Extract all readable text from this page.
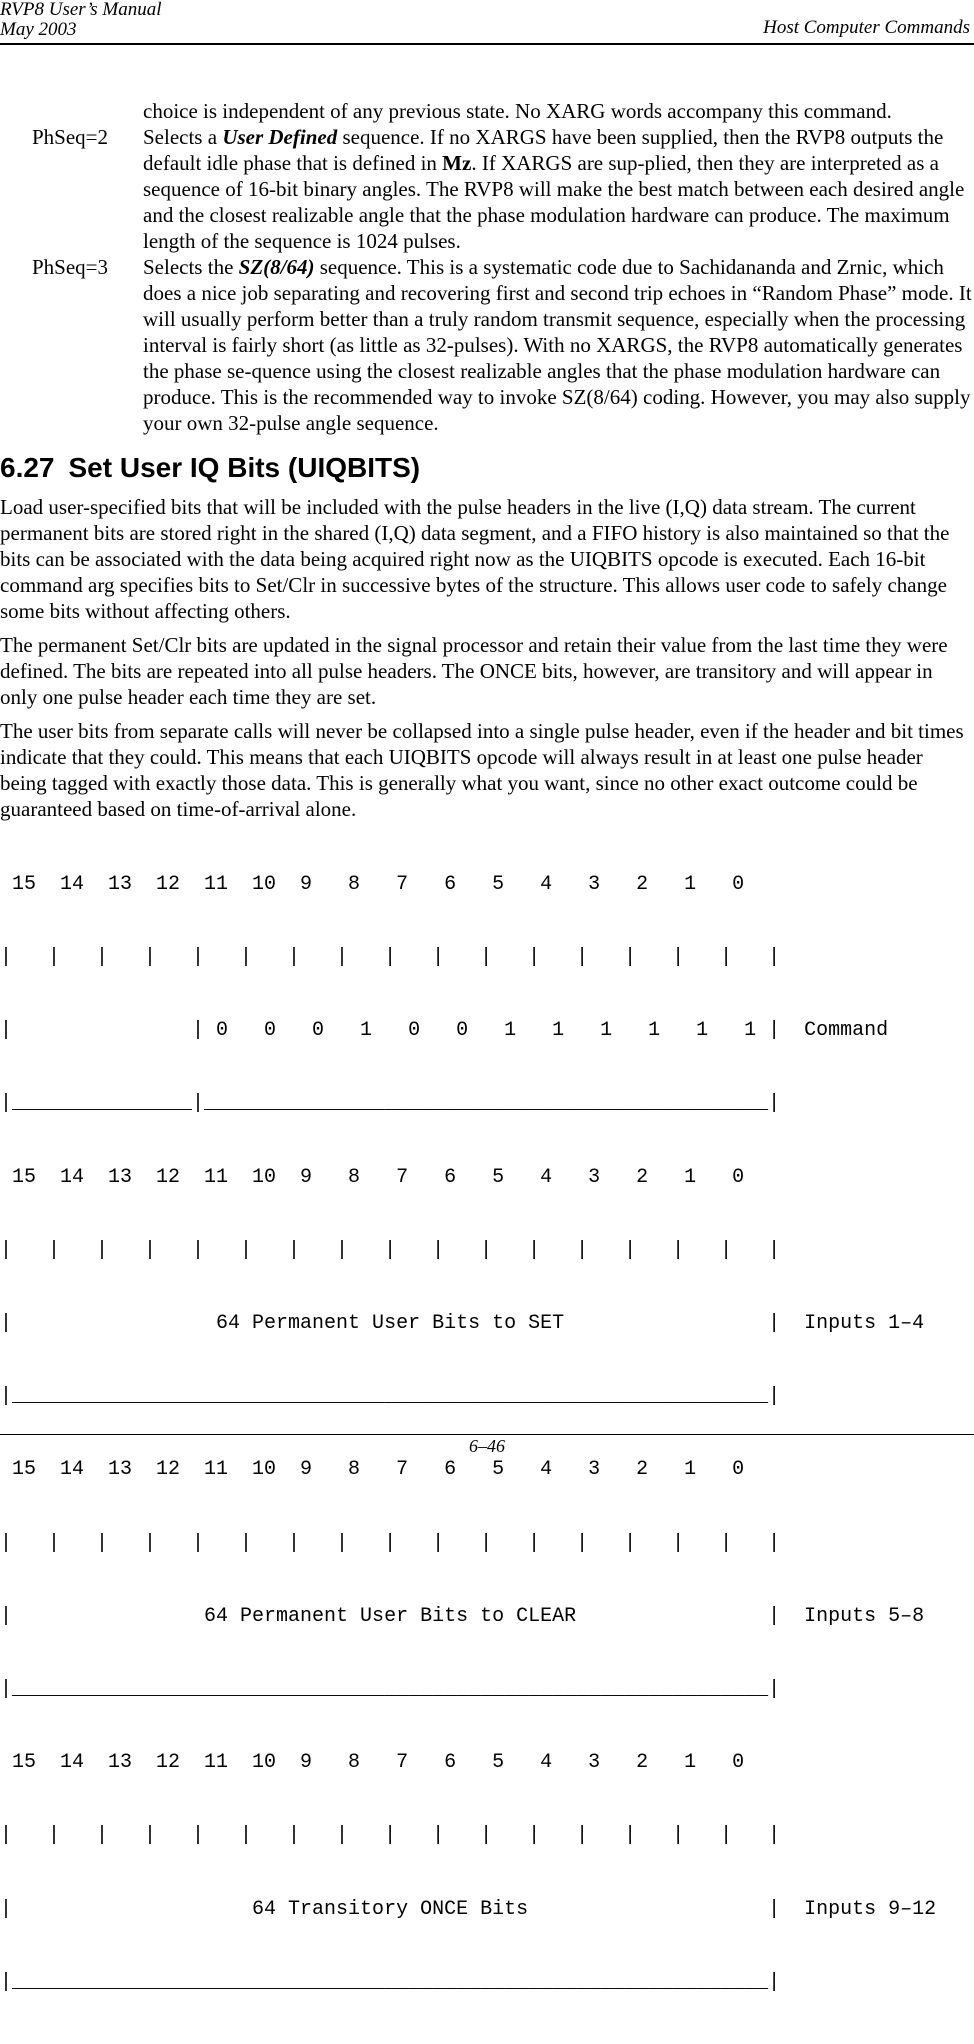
RVP8 User’s Manual
May 2003	Host Computer Commands

choice is independent of any previous state. No XARG words accompany this command.

PhSeq=2	Selects a User Defined sequence. If no XARGS have been supplied, then the RVP8 outputs the default idle phase that is defined in Mz. If XARGS are sup-plied, then they are interpreted as a sequence of 16-bit binary angles. The RVP8 will make the best match between each desired angle and the closest realizable angle that the phase modulation hardware can produce. The maximum length of the sequence is 1024 pulses.
PhSeq=3	Selects the SZ(8/64) sequence. This is a systematic code due to Sachidananda and Zrnic, which does a nice job separating and recovering first and second trip echoes in “Random Phase” mode. It will usually perform better than a truly random transmit sequence, especially when the processing interval is fairly short (as little as 32-pulses). With no XARGS, the RVP8 automatically generates the phase se-quence using the closest realizable angles that the phase modulation hardware can produce. This is the recommended way to invoke SZ(8/64) coding. However, you may also supply your own 32-pulse angle sequence.
6.27 Set User IQ Bits (UIQBITS)

Load user-specified bits that will be included with the pulse headers in the live (I,Q) data stream. The current permanent bits are stored right in the shared (I,Q) data segment, and a FIFO history is also maintained so that the bits can be associated with the data being acquired right now as the UIQBITS opcode is executed. Each 16-bit command arg specifies bits to Set/Clr in successive bytes of the structure. This allows user code to safely change some bits without affecting others.

The permanent Set/Clr bits are updated in the signal processor and retain their value from the last time they were defined. The bits are repeated into all pulse headers. The ONCE bits, however, are transitory and will appear in only one pulse header each time they are set.

The user bits from separate calls will never be collapsed into a single pulse header, even if the header and bit times indicate that they could. This means that each UIQBITS opcode will always result in at least one pulse header being tagged with exactly those data. This is generally what you want, since no other exact outcome could be guaranteed based on time-of-arrival alone.

15  14  13  12  11  10  9   8   7   6   5   4   3   2   1   0

|   |   |   |   |   |   |   |   |   |   |   |   |   |   |   |   |

|               | 0   0   0   1   0   0   1   1   1   1   1   1 |  Command

|_______________|_______________________________________________|

15  14  13  12  11  10  9   8   7   6   5   4   3   2   1   0

|   |   |   |   |   |   |   |   |   |   |   |   |   |   |   |   |

|                 64 Permanent User Bits to SET                 |  Inputs 1–4

|_______________________________________________________________|

15  14  13  12  11  10  9   8   7   6   5   4   3   2   1   0

|   |   |   |   |   |   |   |   |   |   |   |   |   |   |   |   |

|                64 Permanent User Bits to CLEAR                |  Inputs 5–8

|_______________________________________________________________|

15  14  13  12  11  10  9   8   7   6   5   4   3   2   1   0

|   |   |   |   |   |   |   |   |   |   |   |   |   |   |   |   |

|                    64 Transitory ONCE Bits                    |  Inputs 9–12

|_______________________________________________________________|

6–46
